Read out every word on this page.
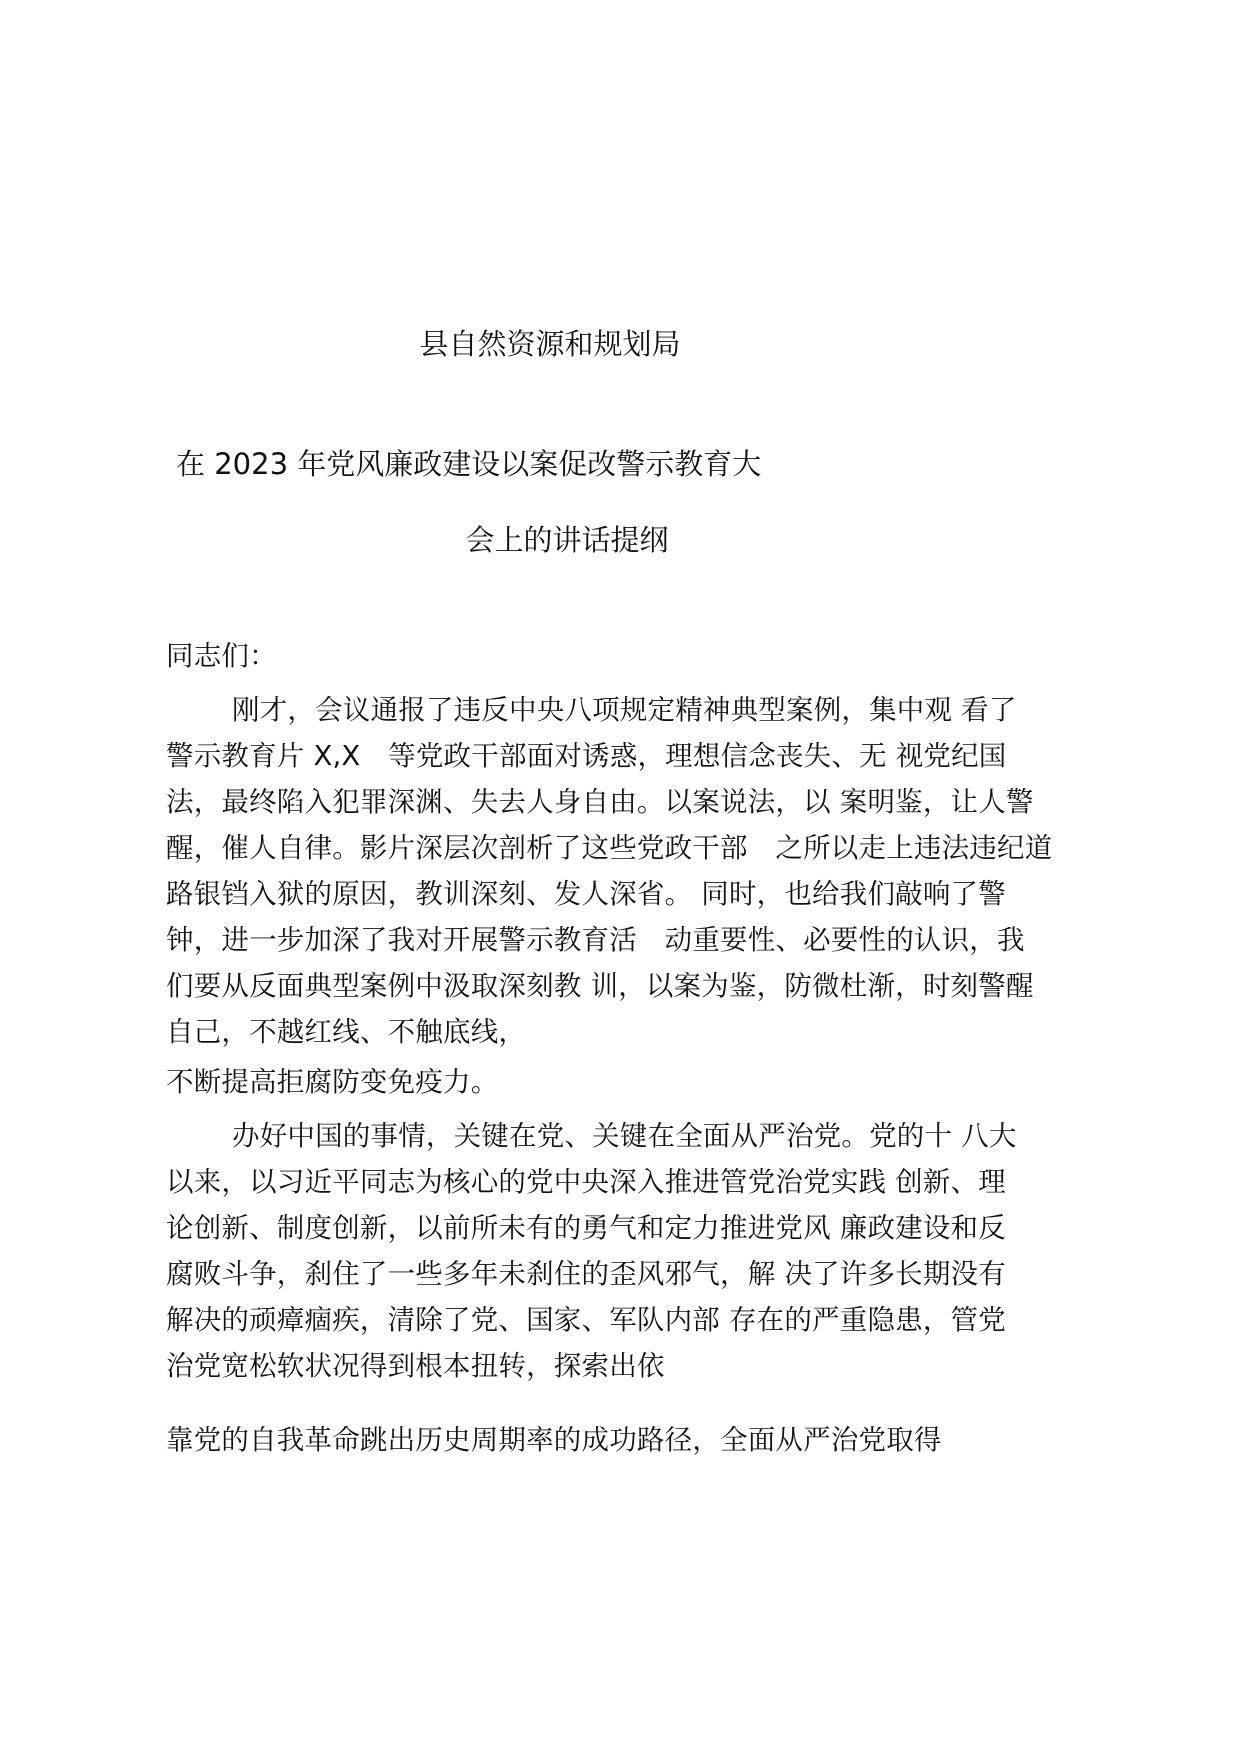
县自然资源和规划局
在 2023 年党风廉政建设以案促改警示教育大
会上的讲话提纲
同志们：
刚才，会议通报了违反中央八项规定精神典型案例，集中观 看了
警示教育片 X,X　等党政干部面对诱惑，理想信念丧失、无 视党纪国
法，最终陷入犯罪深渊、失去人身自由。以案说法，以 案明鉴，让人警
醒，催人自律。影片深层次剖析了这些党政干部　之所以走上违法违纪道
路银铛入狱的原因，教训深刻、发人深省。 同时，也给我们敲响了警
钟，进一步加深了我对开展警示教育活　动重要性、必要性的认识，我
们要从反面典型案例中汲取深刻教 训，以案为鉴，防微杜渐，时刻警醒
自己，不越红线、不触底线，
不断提高拒腐防变免疫力。
办好中国的事情，关键在党、关键在全面从严治党。党的十 八大
以来，以习近平同志为核心的党中央深入推进管党治党实践 创新、理
论创新、制度创新，以前所未有的勇气和定力推进党风 廉政建设和反
腐败斗争，刹住了一些多年未刹住的歪风邪气，解 决了许多长期没有
解决的顽瘴痼疾，清除了党、国家、军队内部 存在的严重隐患，管党
治党宽松软状况得到根本扭转，探索出依
靠党的自我革命跳出历史周期率的成功路径，全面从严治党取得
